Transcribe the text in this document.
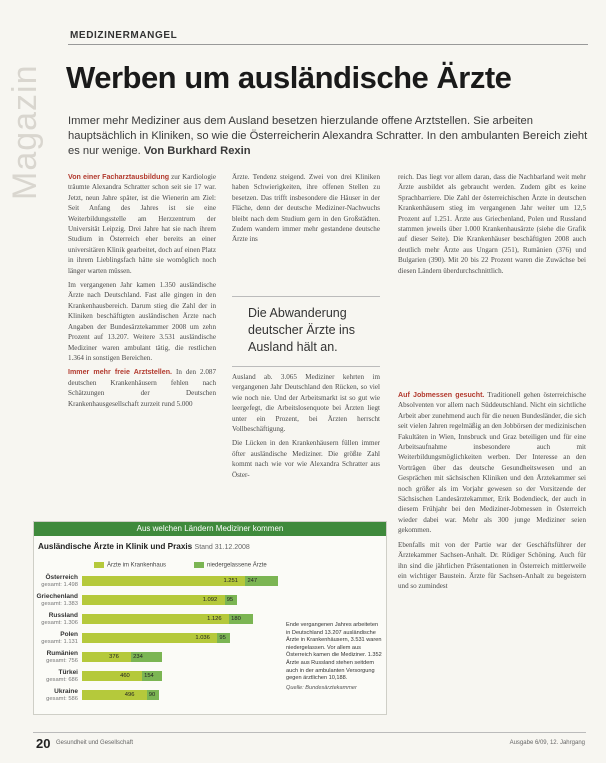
Magazin
MEDIZINERMANGEL
Werben um ausländische Ärzte
Immer mehr Mediziner aus dem Ausland besetzen hierzulande offene Arztstellen. Sie arbeiten hauptsächlich in Kliniken, so wie die Österreicherin Alexandra Schratter. In den ambulanten Bereich zieht es nur wenige. Von Burkhard Rexin

Von einer Facharztausbildung zur Kardiologie träumte Alexandra Schratter schon seit sie 17 war. Jetzt, neun Jahre später, ist die Wienerin am Ziel: Seit Anfang des Jahres ist sie eine Weiterbildungsstelle am Herzzentrum der Universität Leipzig. Drei Jahre hat sie nach ihrem Studium in Österreich eher bereits an einer universitären Klinik gearbeitet, doch auf einen Platz in ihrem Lieblingsfach hätte sie womöglich noch länger warten müssen.

Im vergangenen Jahr kamen 1.350 ausländische Ärzte nach Deutschland. Fast alle gingen in den Krankenhausbereich. Darum stieg die Zahl der in Kliniken beschäftigten ausländischen Ärzte nach Angaben der Bundesärztekammer 2008 um zehn Prozent auf 13.207. Weitere 3.531 ausländische Mediziner waren ambulant tätig, die restlichen 1.364 in sonstigen Bereichen.

Immer mehr freie Arztstellen. In den 2.087 deutschen Krankenhäusern fehlen nach Schätzungen der Deutschen Krankenhausgesellschaft zurzeit rund 5.000

Ärzte. Tendenz steigend. Zwei von drei Kliniken haben Schwierigkeiten, ihre offenen Stellen zu besetzen. Das trifft insbesondere die Häuser in der Fläche, denn der deutsche Mediziner-Nachwuchs bleibt nach dem Studium gern in den Großstädten. Zudem wandern immer mehr gestandene deutsche Ärzte ins

Die Abwanderung deutscher Ärzte ins Ausland hält an.

Ausland ab. 3.065 Mediziner kehrten im vergangenen Jahr Deutschland den Rücken, so viel wie noch nie. Und der Arbeitsmarkt ist so gut wie leergefegt, die Arbeitslosenquote bei Ärzten liegt unter ein Prozent, bei Ärzten herrscht Vollbeschäftigung.

Die Lücken in den Krankenhäusern füllen immer öfter ausländische Mediziner. Die größte Zahl kommt nach wie vor wie Alexandra Schratter aus Öster-

reich. Das liegt vor allem daran, dass die Nachbarland weit mehr Ärzte ausbildet als gebraucht werden. Zudem gibt es keine Sprachbarriere. Die Zahl der österreichischen Ärzte in deutschen Krankenhäusern stieg im vergangenen Jahr weiter um 12,5 Prozent auf 1.251. Ärzte aus Griechenland, Polen und Russland stammen jeweils über 1.000 Krankenhausärzte (siehe die Grafik auf dieser Seite). Die Krankenhäuser beschäftigten 2008 auch deutlich mehr Ärzte aus Ungarn (251), Rumänien (376) und Bulgarien (390). Mit 20 bis 22 Prozent waren die Zuwächse bei diesen Ländern überdurchschnittlich.

Auf Jobmessen gesucht. Traditionell gehen österreichische Absolventen vor allem nach Süddeutschland. Nicht ein sichtliche Arbeit aber zunehmend auch für die neuen Bundesländer, die sich seit vielen Jahren regelmäßig an den Jobbörsen der medizinischen Fakultäten in Wien, Innsbruck und Graz beteiligen und für eine Arbeitsaufnahme insbesondere auch mit Weiterbildungsmöglichkeiten werben. Der Interesse an den Vorträgen über das deutsche Gesundheitswesen und an Gesprächen mit sächsischen Kliniken und den Ärztekammer sei noch größer als im Vorjahr gewesen so der Vorsitzende der Sächsischen Landesärztekammer, Erik Bodendieck, der auch in diesem Frühjahr bei den Mediziner-Jobmessen in Österreich wieder dabei war. Mehr als 300 junge Mediziner seien gekommen.

Ebenfalls mit von der Partie war der Geschäftsführer der Ärztekammer Sachsen-Anhalt. Dr. Rüdiger Schöning. Auch für ihn sind die jährlichen Präsentationen in Österreich mittlerweile ein wichtiger Baustein. Ärzte für Sachsen-Anhalt zu begeistern und so zumindest

Aus welchen Ländern Mediziner kommen
Ausländische Ärzte in Klinik und Praxis Stand 31.12.2008
Ärzte im Krankenhaus	niedergelassene Ärzte
Ende vergangenen Jahres arbeiteten in Deutschland 13.207 ausländische Ärzte in Krankenhäusern, 3.531 waren niedergelassen. Vor allem aus Österreich kamen die Mediziner. 1.352 Ärzte aus Russland stehen seitdem auch in der ambulanten Versorgung gegen ärztlichen 10,188.
Quelle: Bundesärztekammer
Österreich
gesamt: 1.498
1.251 247
Griechenland
gesamt: 1.383
1.092 95
Russland
gesamt: 1.306
1.126 180
Polen
gesamt: 1.131
1.036 95
Rumänien
gesamt: 756
376 234
Türkei
gesamt: 686
460 154
Ukraine
gesamt: 586
496 90
20 Gesundheit und Gesellschaft	Ausgabe 6/09, 12. Jahrgang
